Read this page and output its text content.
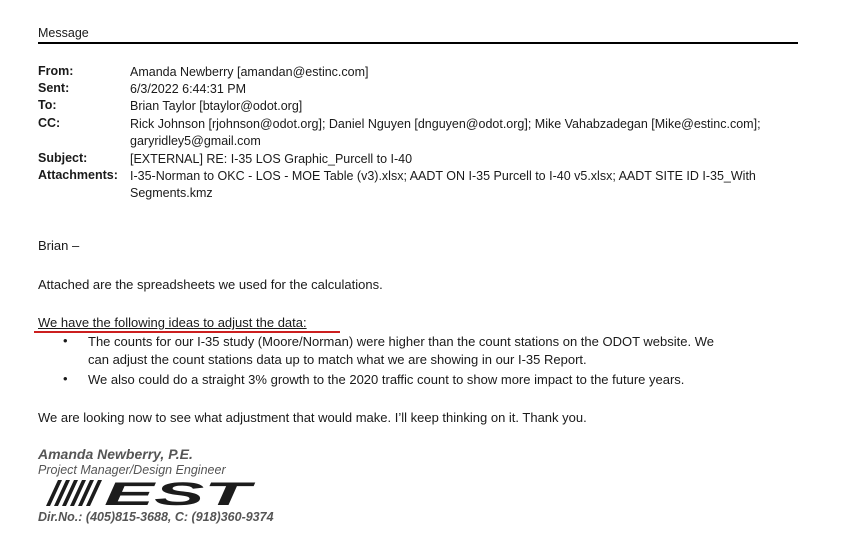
Message
From:	Amanda Newberry [amandan@estinc.com]
Sent:	6/3/2022 6:44:31 PM
To:	Brian Taylor [btaylor@odot.org]
CC:	Rick Johnson [rjohnson@odot.org]; Daniel Nguyen [dnguyen@odot.org]; Mike Vahabzadegan [Mike@estinc.com];
garyridley5@gmail.com
Subject:	[EXTERNAL] RE: I-35 LOS Graphic_Purcell to I-40
Attachments: I-35-Norman to OKC - LOS - MOE Table (v3).xlsx; AADT ON I-35 Purcell to I-40 v5.xlsx; AADT SITE ID I-35_With
Segments.kmz
Brian –
Attached are the spreadsheets we used for the calculations.
We have the following ideas to adjust the data:
• The counts for our I-35 study (Moore/Norman) were higher than the count stations on the ODOT website. We
can adjust the count stations data up to match what we are showing in our I-35 Report.
• We also could do a straight 3% growth to the 2020 traffic count to show more impact to the future years.
We are looking now to see what adjustment that would make. I’ll keep thinking on it. Thank you.
Amanda Newberry, P.E.
Project Manager/Design Engineer
EST
Dir.No.: (405)815-3688, C: (918)360-9374
